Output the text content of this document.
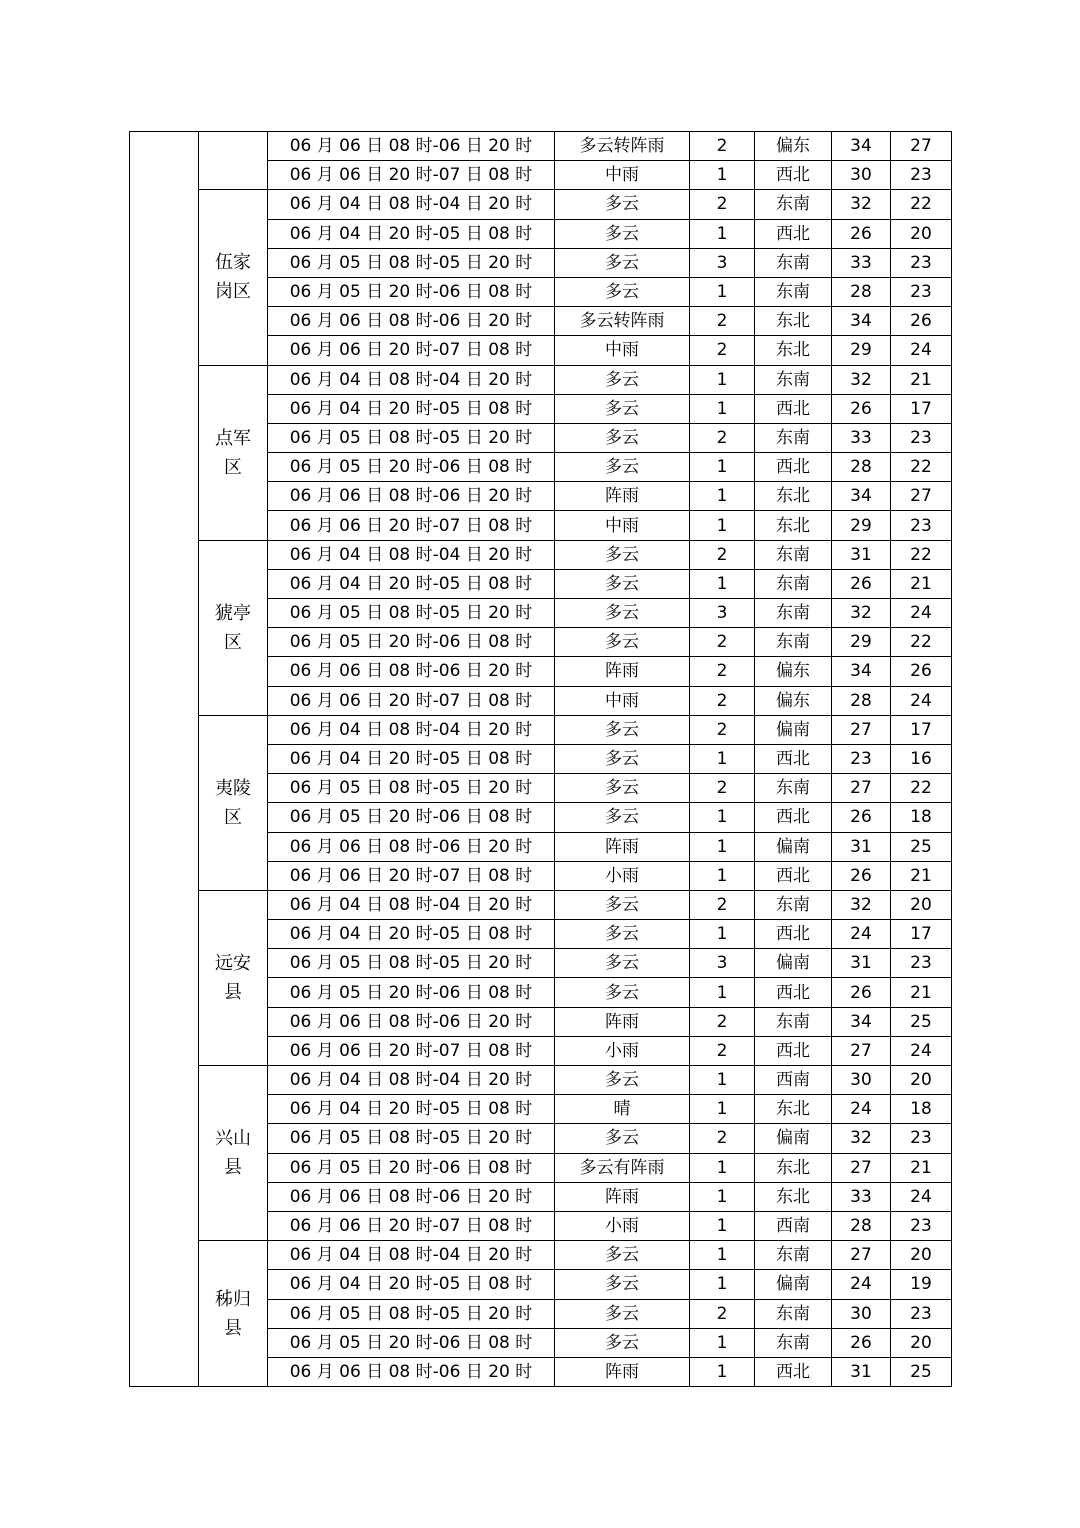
		06 月 06 日 08 时-06 日 20 时	多云转阵雨	2	偏东	34	27
		06 月 06 日 20 时-07 日 08 时	中雨	1	西北	30	23
	伍家岗区	06 月 04 日 08 时-04 日 20 时	多云	2	东南	32	22
		06 月 04 日 20 时-05 日 08 时	多云	1	西北	26	20
		06 月 05 日 08 时-05 日 20 时	多云	3	东南	33	23
		06 月 05 日 20 时-06 日 08 时	多云	1	东南	28	23
		06 月 06 日 08 时-06 日 20 时	多云转阵雨	2	东北	34	26
		06 月 06 日 20 时-07 日 08 时	中雨	2	东北	29	24
	点军区	06 月 04 日 08 时-04 日 20 时	多云	1	东南	32	21
		06 月 04 日 20 时-05 日 08 时	多云	1	西北	26	17
		06 月 05 日 08 时-05 日 20 时	多云	2	东南	33	23
		06 月 05 日 20 时-06 日 08 时	多云	1	西北	28	22
		06 月 06 日 08 时-06 日 20 时	阵雨	1	东北	34	27
		06 月 06 日 20 时-07 日 08 时	中雨	1	东北	29	23
	猇亭区	06 月 04 日 08 时-04 日 20 时	多云	2	东南	31	22
		06 月 04 日 20 时-05 日 08 时	多云	1	东南	26	21
		06 月 05 日 08 时-05 日 20 时	多云	3	东南	32	24
		06 月 05 日 20 时-06 日 08 时	多云	2	东南	29	22
		06 月 06 日 08 时-06 日 20 时	阵雨	2	偏东	34	26
		06 月 06 日 20 时-07 日 08 时	中雨	2	偏东	28	24
	夷陵区	06 月 04 日 08 时-04 日 20 时	多云	2	偏南	27	17
		06 月 04 日 20 时-05 日 08 时	多云	1	西北	23	16
		06 月 05 日 08 时-05 日 20 时	多云	2	东南	27	22
		06 月 05 日 20 时-06 日 08 时	多云	1	西北	26	18
		06 月 06 日 08 时-06 日 20 时	阵雨	1	偏南	31	25
		06 月 06 日 20 时-07 日 08 时	小雨	1	西北	26	21
	远安县	06 月 04 日 08 时-04 日 20 时	多云	2	东南	32	20
		06 月 04 日 20 时-05 日 08 时	多云	1	西北	24	17
		06 月 05 日 08 时-05 日 20 时	多云	3	偏南	31	23
		06 月 05 日 20 时-06 日 08 时	多云	1	西北	26	21
		06 月 06 日 08 时-06 日 20 时	阵雨	2	东南	34	25
		06 月 06 日 20 时-07 日 08 时	小雨	2	西北	27	24
	兴山县	06 月 04 日 08 时-04 日 20 时	多云	1	西南	30	20
		06 月 04 日 20 时-05 日 08 时	晴	1	东北	24	18
		06 月 05 日 08 时-05 日 20 时	多云	2	偏南	32	23
		06 月 05 日 20 时-06 日 08 时	多云有阵雨	1	东北	27	21
		06 月 06 日 08 时-06 日 20 时	阵雨	1	东北	33	24
		06 月 06 日 20 时-07 日 08 时	小雨	1	西南	28	23
	秭归县	06 月 04 日 08 时-04 日 20 时	多云	1	东南	27	20
		06 月 04 日 20 时-05 日 08 时	多云	1	偏南	24	19
		06 月 05 日 08 时-05 日 20 时	多云	2	东南	30	23
		06 月 05 日 20 时-06 日 08 时	多云	1	东南	26	20
		06 月 06 日 08 时-06 日 20 时	阵雨	1	西北	31	25
